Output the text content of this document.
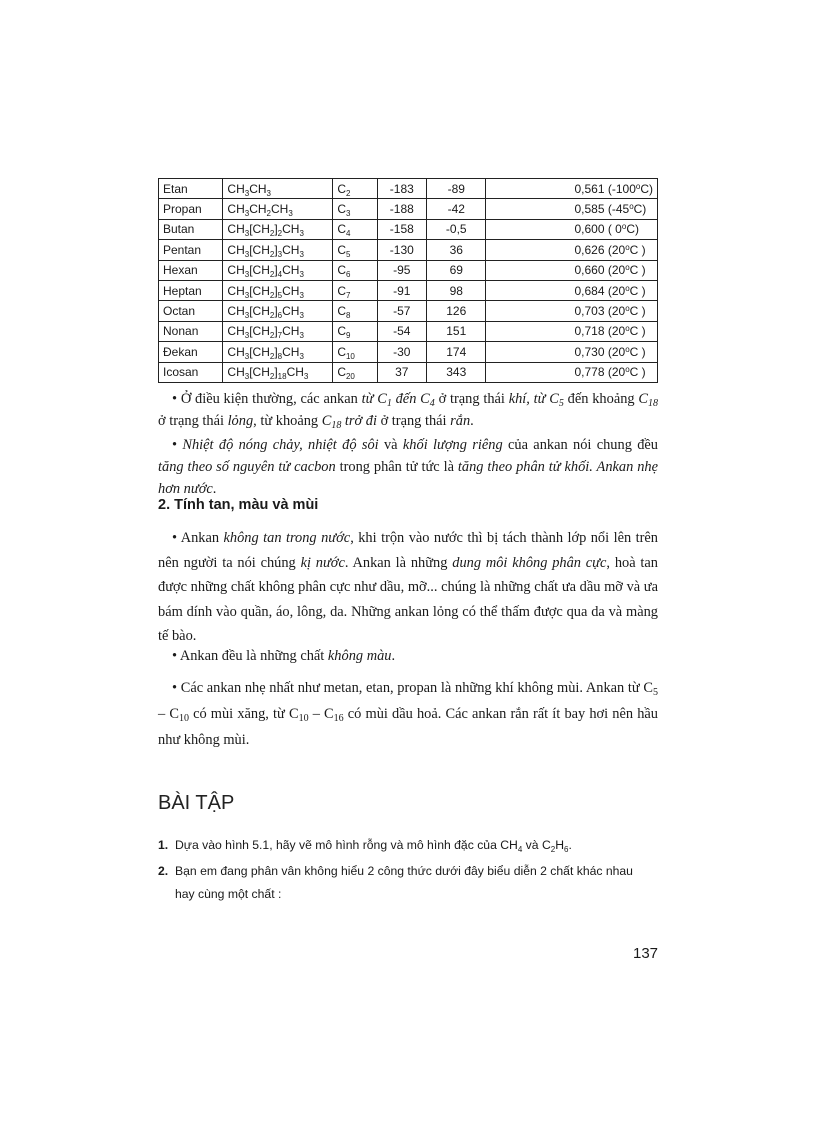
Etan	$CH_3CH_3$	$C_2$	-183	-89	0,561 (-100$^o$C)
Propan	$CH_3CH_2CH_3$	$C_3$	-188	-42	0,585 (-45$^o$C)
Butan	$CH_3[CH_2]_2CH_3$	$C_4$	-158	-0,5	0,600 ( 0$^o$C)
Pentan	$CH_3[CH_2]_3CH_3$	$C_5$	-130	36	0,626 (20$^o$C )
Hexan	$CH_3[CH_2]_4CH_3$	$C_6$	-95	69	0,660 (20$^o$C )
Heptan	$CH_3[CH_2]_5CH_3$	$C_7$	-91	98	0,684 (20$^o$C )
Octan	$CH_3[CH_2]_6CH_3$	$C_8$	-57	126	0,703 (20$^o$C )
Nonan	$CH_3[CH_2]_7CH_3$	$C_9$	-54	151	0,718 (20$^o$C )
Đekan	$CH_3[CH_2]_8CH_3$	$C_{10}$	-30	174	0,730 (20$^o$C )
Icosan	$CH_3[CH_2]_{18}CH_3$	$C_{20}$	37	343	0,778 (20$^o$C )

• Ở điều kiện thường, các ankan từ $C_1$ đến $C_4$ ở trạng thái khí, từ $C_5$ đến khoảng $C_{18}$ ở trạng thái lỏng, từ khoảng $C_{18}$ trở đi ở trạng thái rắn.

• Nhiệt độ nóng chảy, nhiệt độ sôi và khối lượng riêng của ankan nói chung đều tăng theo số nguyên tử cacbon trong phân tử tức là tăng theo phân tử khối. Ankan nhẹ hơn nước.

2. Tính tan, màu và mùi

• Ankan không tan trong nước, khi trộn vào nước thì bị tách thành lớp nổi lên trên nên người ta nói chúng kị nước. Ankan là những dung môi không phân cực, hoà tan được những chất không phân cực như dầu, mỡ... chúng là những chất ưa dầu mỡ và ưa bám dính vào quần, áo, lông, da. Những ankan lỏng có thể thấm được qua da và màng tế bào.

• Ankan đều là những chất không màu.

• Các ankan nhẹ nhất như metan, etan, propan là những khí không mùi. Ankan từ $C_5 - C_{10}$ có mùi xăng, từ $C_{10} - C_{16}$ có mùi dầu hoả. Các ankan rắn rất ít bay hơi nên hầu như không mùi.

BÀI TẬP

1. Dựa vào hình 5.1, hãy vẽ mô hình rỗng và mô hình đặc của $CH_4$ và $C_2H_6$.

2. Bạn em đang phân vân không hiểu 2 công thức dưới đây biểu diễn 2 chất khác nhau
hay cùng một chất :

137
